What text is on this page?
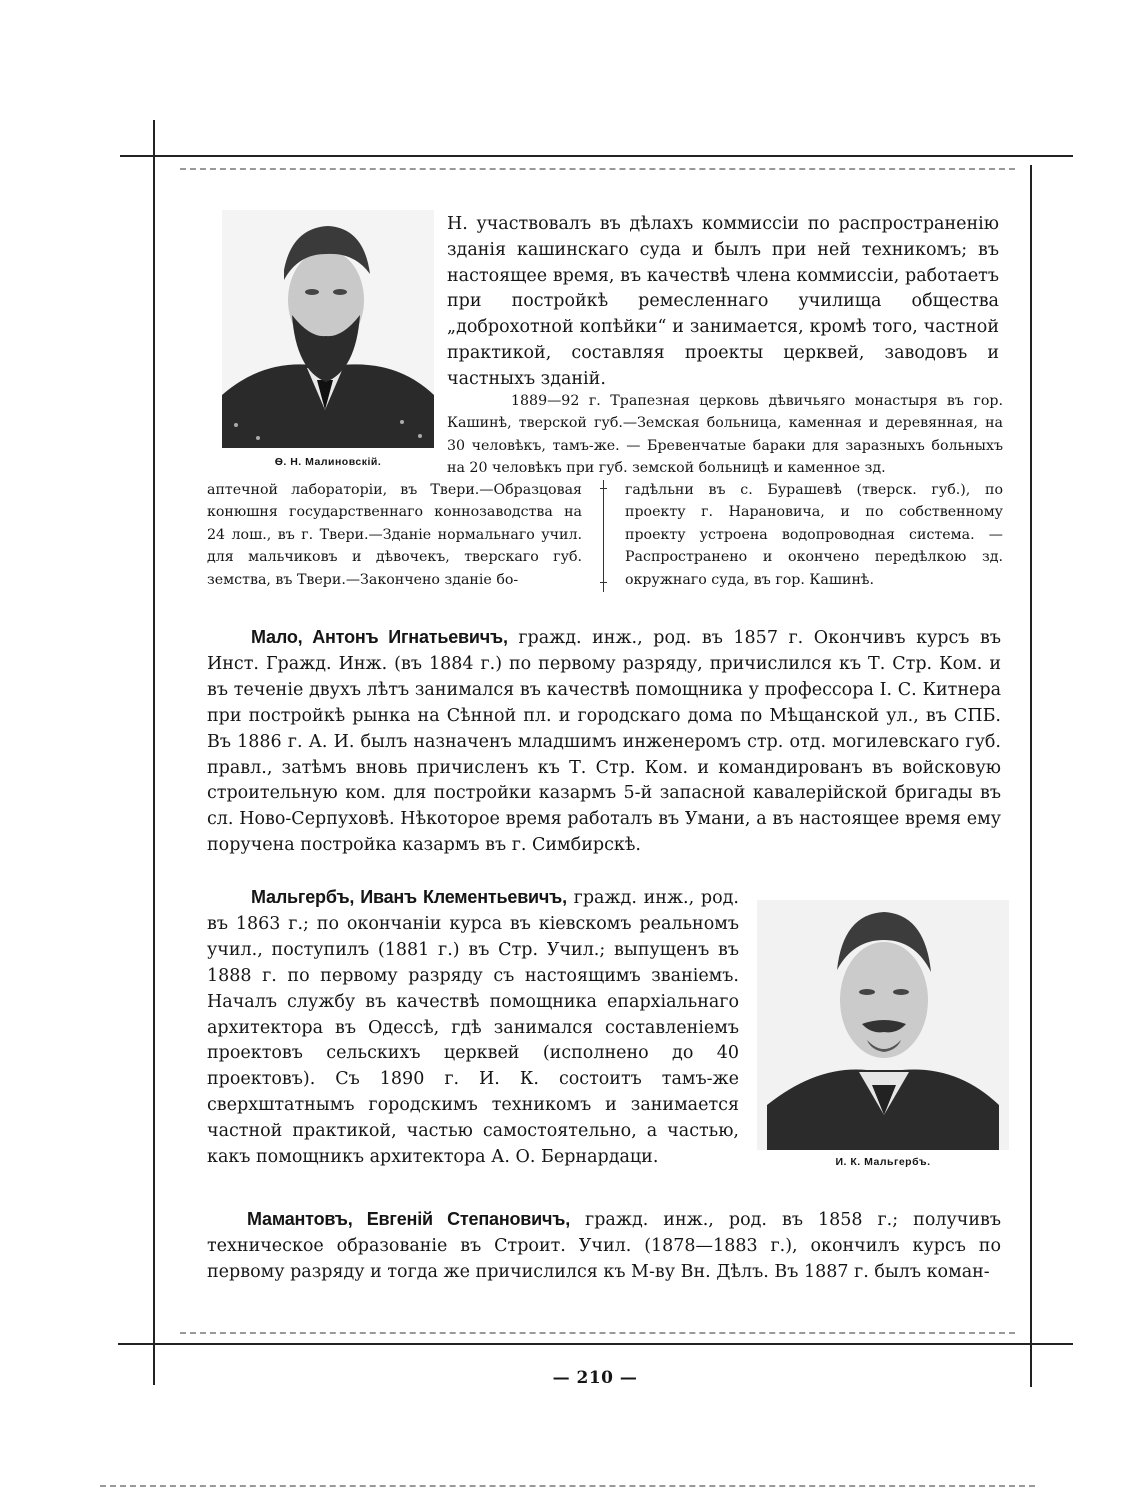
Ѳ. Н. Малиновскій.

Н. участвовалъ въ дѣлахъ коммиссіи по распространенію зданія кашинскаго суда и былъ при ней техникомъ; въ настоящее время, въ качествѣ члена коммиссіи, работаетъ при постройкѣ ремесленнаго училища общества „доброхотной копѣйки“ и занимается, кромѣ того, частной практикой, составляя проекты церквей, заводовъ и частныхъ зданій.

1889—92 г. Трапезная церковь дѣвичьяго монастыря въ гор. Кашинѣ, тверской губ.—Земская больница, каменная и деревянная, на 30 человѣкъ, тамъ-же. — Бревенчатые бараки для заразныхъ больныхъ на 20 человѣкъ при губ. земской больницѣ и каменное зд.

аптечной лабораторіи, въ Твери.—Образцовая конюшня государственнаго коннозаводства на 24 лош., въ г. Твери.—Зданіе нормальнаго учил. для мальчиковъ и дѣвочекъ, тверскаго губ. земства, въ Твери.—Закончено зданіе бо-

гадѣльни въ с. Бурашевѣ (тверск. губ.), по проекту г. Нарановича, и по собственному проекту устроена водопроводная система. — Распространено и окончено передѣлкою зд. окружнаго суда, въ гор. Кашинѣ.

Мало, Антонъ Игнатьевичъ, гражд. инж., род. въ 1857 г. Окончивъ курсъ въ Инст. Гражд. Инж. (въ 1884 г.) по первому разряду, причислился къ Т. Стр. Ком. и въ теченіе двухъ лѣтъ занимался въ качествѣ помощника у профессора І. С. Китнера при постройкѣ рынка на Сѣнной пл. и городскаго дома по Мѣщанской ул., въ СПБ. Въ 1886 г. А. И. былъ назначенъ младшимъ инженеромъ стр. отд. могилевскаго губ. правл., затѣмъ вновь причисленъ къ Т. Стр. Ком. и командированъ въ войсковую строительную ком. для постройки казармъ 5-й запасной кавалерійской бригады въ сл. Ново-Серпуховѣ. Нѣкоторое время работалъ въ Умани, а въ настоящее время ему поручена постройка казармъ въ г. Симбирскѣ.

Мальгербъ, Иванъ Клементьевичъ, гражд. инж., род. въ 1863 г.; по окончаніи курса въ кіевскомъ реальномъ учил., поступилъ (1881 г.) въ Стр. Учил.; выпущенъ въ 1888 г. по первому разряду съ настоящимъ званіемъ. Началъ службу въ качествѣ помощника епархіальнаго архитектора въ Одессѣ, гдѣ занимался составленіемъ проектовъ сельскихъ церквей (исполнено до 40 проектовъ). Съ 1890 г. И. К. состоитъ тамъ-же сверхштатнымъ городскимъ техникомъ и занимается частной практикой, частью самостоятельно, а частью, какъ помощникъ архитектора А. О. Бернардаци.	И. К. Мальгербъ.

Мамантовъ, Евгеній Степановичъ, гражд. инж., род. въ 1858 г.; получивъ техническое образованіе въ Строит. Учил. (1878—1883 г.), окончилъ курсъ по первому разряду и тогда же причислился къ М-ву Вн. Дѣлъ. Въ 1887 г. былъ коман-

— 210 —
